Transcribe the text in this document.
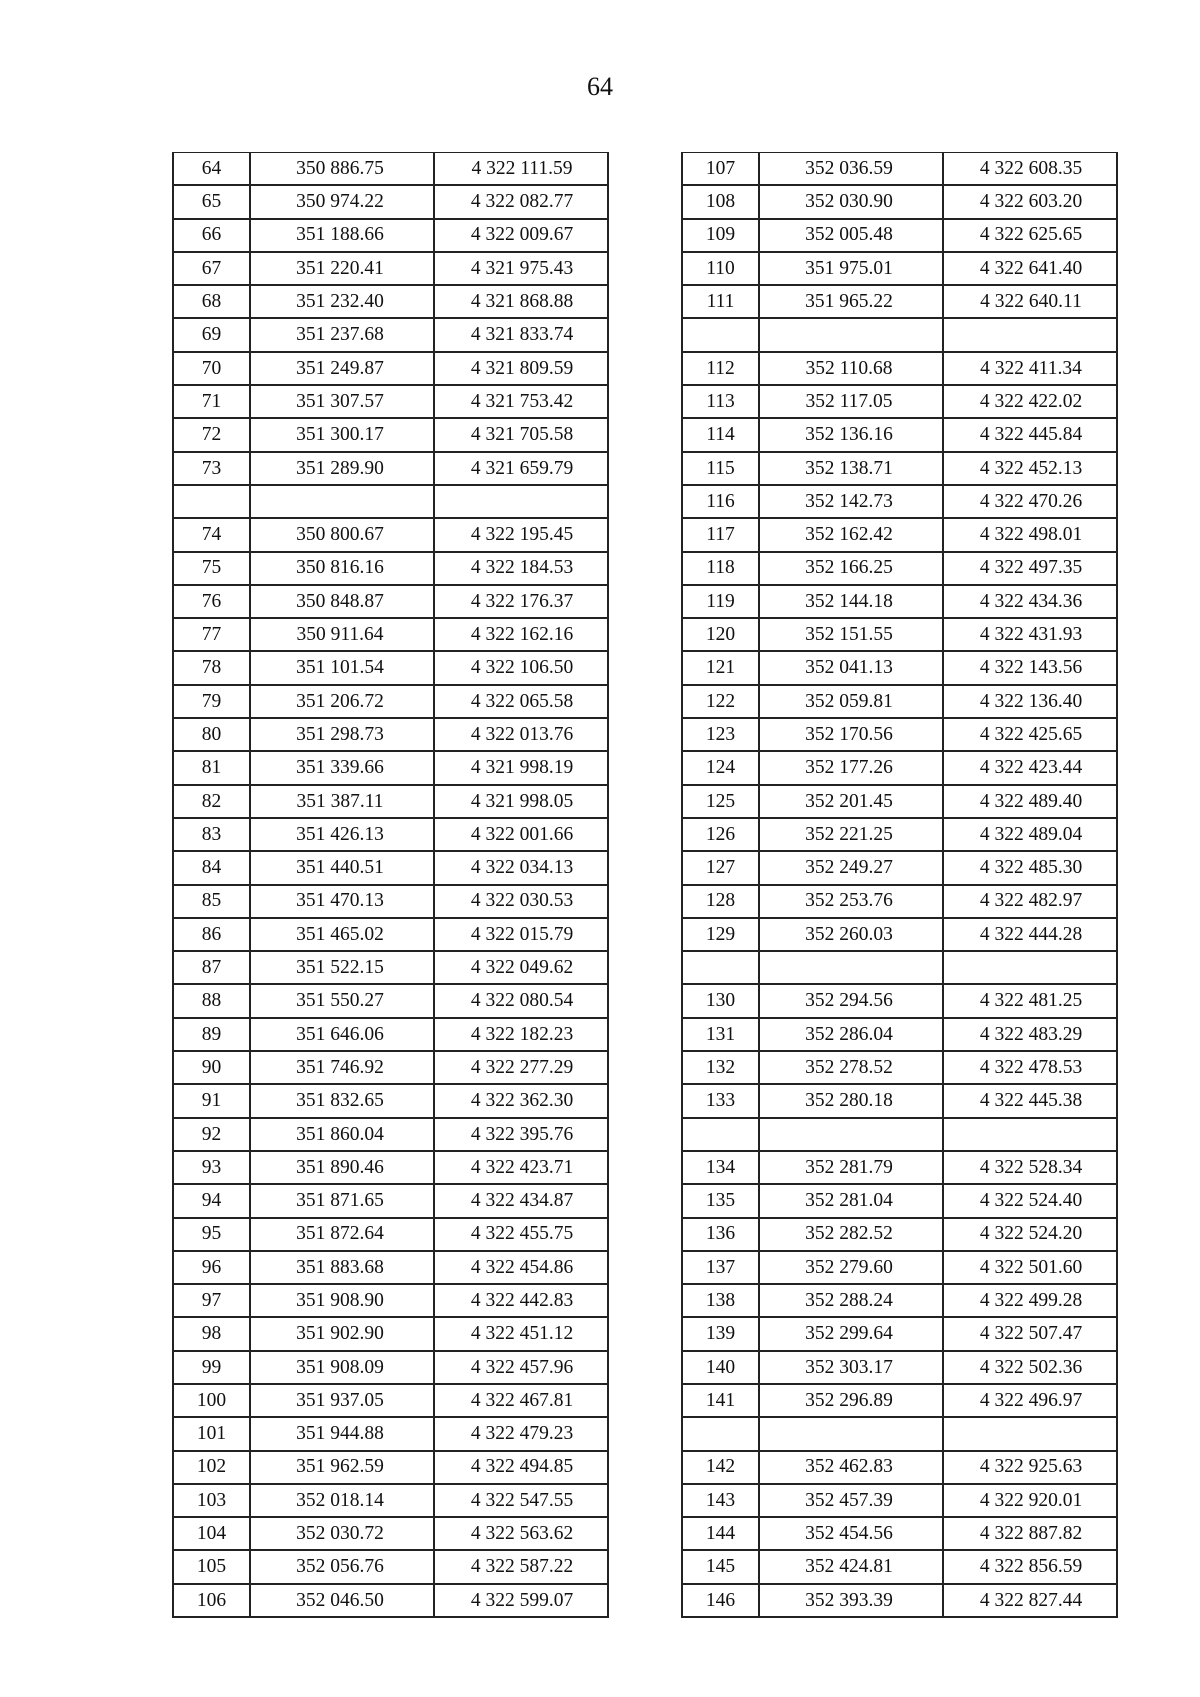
64
64	350 886.75	4 322 111.59
65	350 974.22	4 322 082.77
66	351 188.66	4 322 009.67
67	351 220.41	4 321 975.43
68	351 232.40	4 321 868.88
69	351 237.68	4 321 833.74
70	351 249.87	4 321 809.59
71	351 307.57	4 321 753.42
72	351 300.17	4 321 705.58
73	351 289.90	4 321 659.79

74	350 800.67	4 322 195.45
75	350 816.16	4 322 184.53
76	350 848.87	4 322 176.37
77	350 911.64	4 322 162.16
78	351 101.54	4 322 106.50
79	351 206.72	4 322 065.58
80	351 298.73	4 322 013.76
81	351 339.66	4 321 998.19
82	351 387.11	4 321 998.05
83	351 426.13	4 322 001.66
84	351 440.51	4 322 034.13
85	351 470.13	4 322 030.53
86	351 465.02	4 322 015.79
87	351 522.15	4 322 049.62
88	351 550.27	4 322 080.54
89	351 646.06	4 322 182.23
90	351 746.92	4 322 277.29
91	351 832.65	4 322 362.30
92	351 860.04	4 322 395.76
93	351 890.46	4 322 423.71
94	351 871.65	4 322 434.87
95	351 872.64	4 322 455.75
96	351 883.68	4 322 454.86
97	351 908.90	4 322 442.83
98	351 902.90	4 322 451.12
99	351 908.09	4 322 457.96
100	351 937.05	4 322 467.81
101	351 944.88	4 322 479.23
102	351 962.59	4 322 494.85
103	352 018.14	4 322 547.55
104	352 030.72	4 322 563.62
105	352 056.76	4 322 587.22
106	352 046.50	4 322 599.07
107	352 036.59	4 322 608.35
108	352 030.90	4 322 603.20
109	352 005.48	4 322 625.65
110	351 975.01	4 322 641.40
111	351 965.22	4 322 640.11

112	352 110.68	4 322 411.34
113	352 117.05	4 322 422.02
114	352 136.16	4 322 445.84
115	352 138.71	4 322 452.13
116	352 142.73	4 322 470.26
117	352 162.42	4 322 498.01
118	352 166.25	4 322 497.35
119	352 144.18	4 322 434.36
120	352 151.55	4 322 431.93
121	352 041.13	4 322 143.56
122	352 059.81	4 322 136.40
123	352 170.56	4 322 425.65
124	352 177.26	4 322 423.44
125	352 201.45	4 322 489.40
126	352 221.25	4 322 489.04
127	352 249.27	4 322 485.30
128	352 253.76	4 322 482.97
129	352 260.03	4 322 444.28

130	352 294.56	4 322 481.25
131	352 286.04	4 322 483.29
132	352 278.52	4 322 478.53
133	352 280.18	4 322 445.38

134	352 281.79	4 322 528.34
135	352 281.04	4 322 524.40
136	352 282.52	4 322 524.20
137	352 279.60	4 322 501.60
138	352 288.24	4 322 499.28
139	352 299.64	4 322 507.47
140	352 303.17	4 322 502.36
141	352 296.89	4 322 496.97

142	352 462.83	4 322 925.63
143	352 457.39	4 322 920.01
144	352 454.56	4 322 887.82
145	352 424.81	4 322 856.59
146	352 393.39	4 322 827.44
